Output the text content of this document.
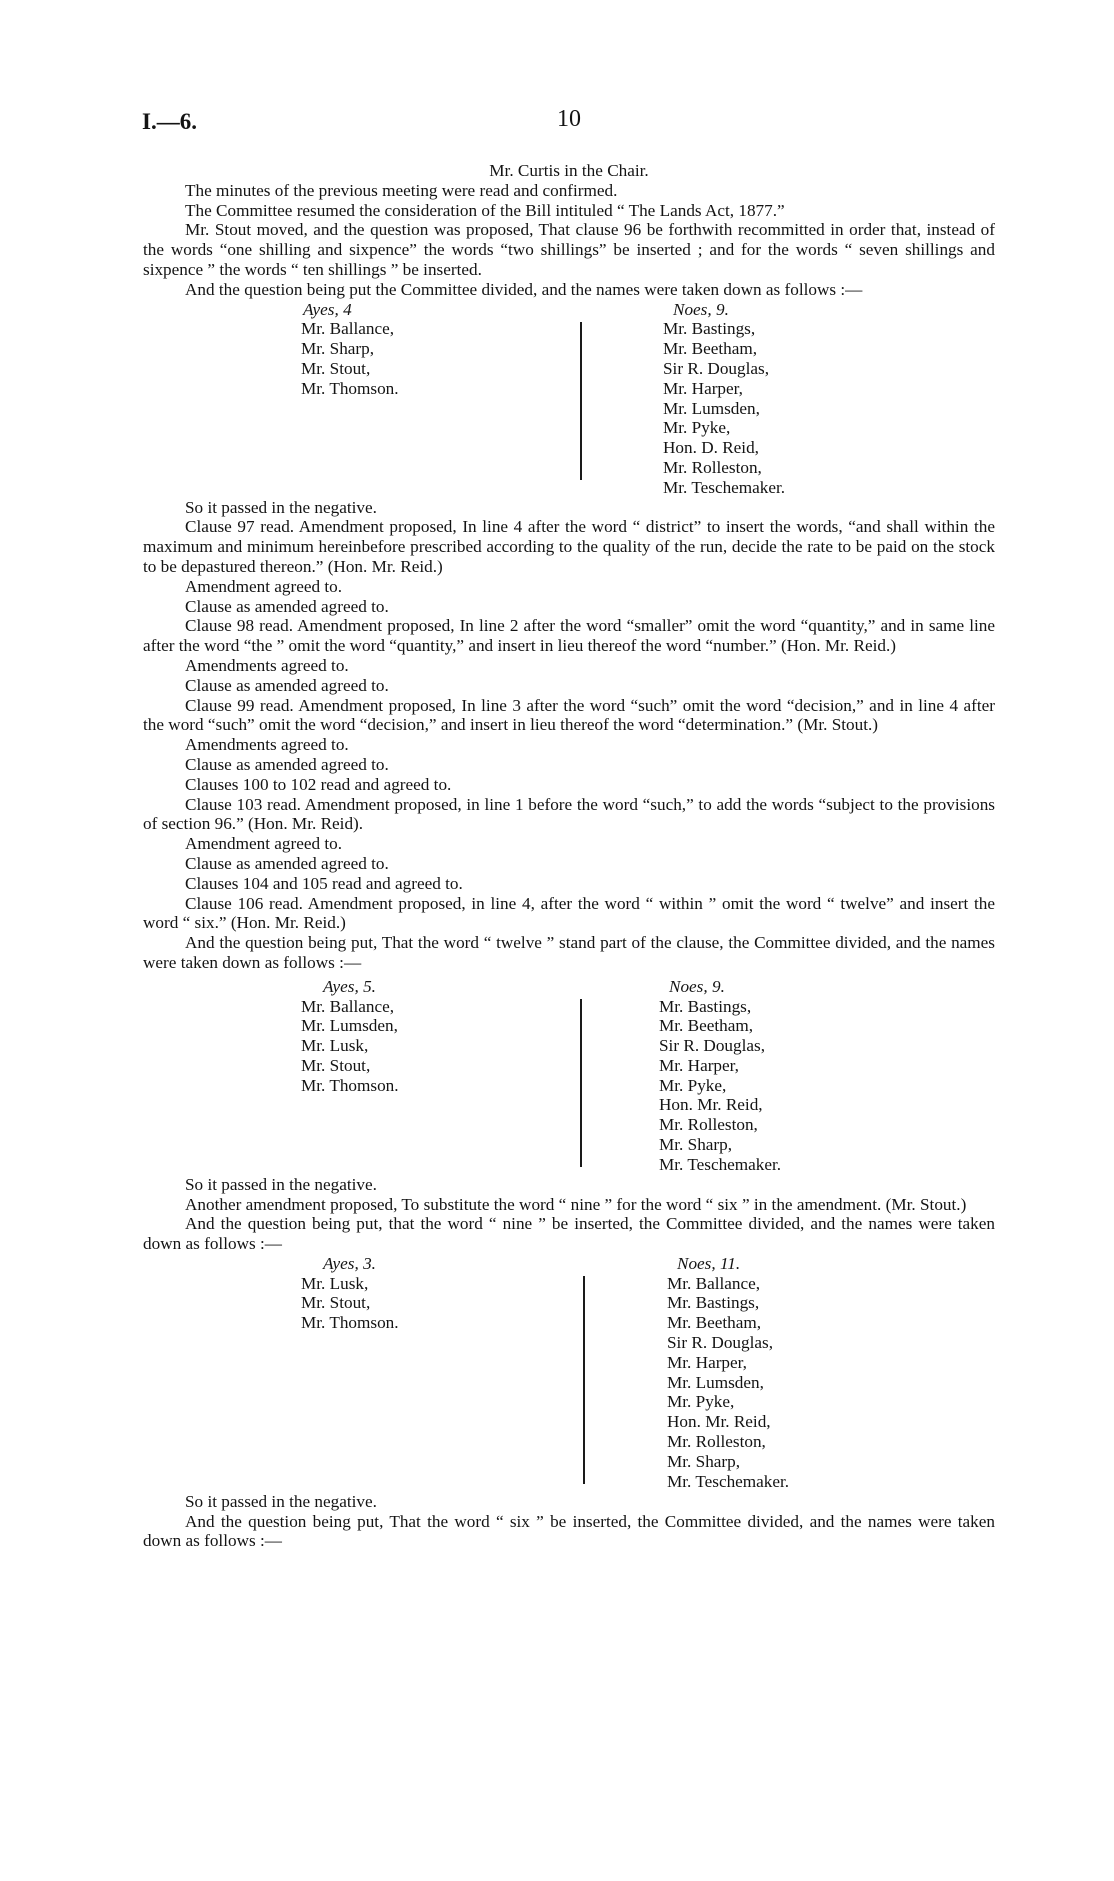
I.—6.	10

Mr. Curtis in the Chair.

The minutes of the previous meeting were read and confirmed.

The Committee resumed the consideration of the Bill intituled “ The Lands Act, 1877.”

Mr. Stout moved, and the question was proposed, That clause 96 be forthwith recommitted in order that, instead of the words “one shilling and sixpence” the words “two shillings” be inserted ; and for the words “ seven shillings and sixpence ” the words “ ten shillings ” be inserted.

And the question being put the Committee divided, and the names were taken down as follows :—

Ayes, 4
Mr. Ballance,
Mr. Sharp,
Mr. Stout,
Mr. Thomson.
Noes, 9.
Mr. Bastings,
Mr. Beetham,
Sir R. Douglas,
Mr. Harper,
Mr. Lumsden,
Mr. Pyke,
Hon. D. Reid,
Mr. Rolleston,
Mr. Teschemaker.

So it passed in the negative.

Clause 97 read. Amendment proposed, In line 4 after the word “ district” to insert the words, “and shall within the maximum and minimum hereinbefore prescribed according to the quality of the run, decide the rate to be paid on the stock to be depastured thereon.” (Hon. Mr. Reid.)

Amendment agreed to.

Clause as amended agreed to.

Clause 98 read. Amendment proposed, In line 2 after the word “smaller” omit the word “quantity,” and in same line after the word “the ” omit the word “quantity,” and insert in lieu thereof the word “number.” (Hon. Mr. Reid.)

Amendments agreed to.

Clause as amended agreed to.

Clause 99 read. Amendment proposed, In line 3 after the word “such” omit the word “decision,” and in line 4 after the word “such” omit the word “decision,” and insert in lieu thereof the word “determination.” (Mr. Stout.)

Amendments agreed to.

Clause as amended agreed to.

Clauses 100 to 102 read and agreed to.

Clause 103 read. Amendment proposed, in line 1 before the word “such,” to add the words “subject to the provisions of section 96.” (Hon. Mr. Reid).

Amendment agreed to.

Clause as amended agreed to.

Clauses 104 and 105 read and agreed to.

Clause 106 read. Amendment proposed, in line 4, after the word “ within ” omit the word “ twelve” and insert the word “ six.” (Hon. Mr. Reid.)

And the question being put, That the word “ twelve ” stand part of the clause, the Committee divided, and the names were taken down as follows :—

Ayes, 5.
Mr. Ballance,
Mr. Lumsden,
Mr. Lusk,
Mr. Stout,
Mr. Thomson.
Noes, 9.
Mr. Bastings,
Mr. Beetham,
Sir R. Douglas,
Mr. Harper,
Mr. Pyke,
Hon. Mr. Reid,
Mr. Rolleston,
Mr. Sharp,
Mr. Teschemaker.

So it passed in the negative.

Another amendment proposed, To substitute the word “ nine ” for the word “ six ” in the amendment. (Mr. Stout.)

And the question being put, that the word “ nine ” be inserted, the Committee divided, and the names were taken down as follows :—

Ayes, 3.
Mr. Lusk,
Mr. Stout,
Mr. Thomson.
Noes, 11.
Mr. Ballance,
Mr. Bastings,
Mr. Beetham,
Sir R. Douglas,
Mr. Harper,
Mr. Lumsden,
Mr. Pyke,
Hon. Mr. Reid,
Mr. Rolleston,
Mr. Sharp,
Mr. Teschemaker.

So it passed in the negative.

And the question being put, That the word “ six ” be inserted, the Committee divided, and the names were taken down as follows :—
